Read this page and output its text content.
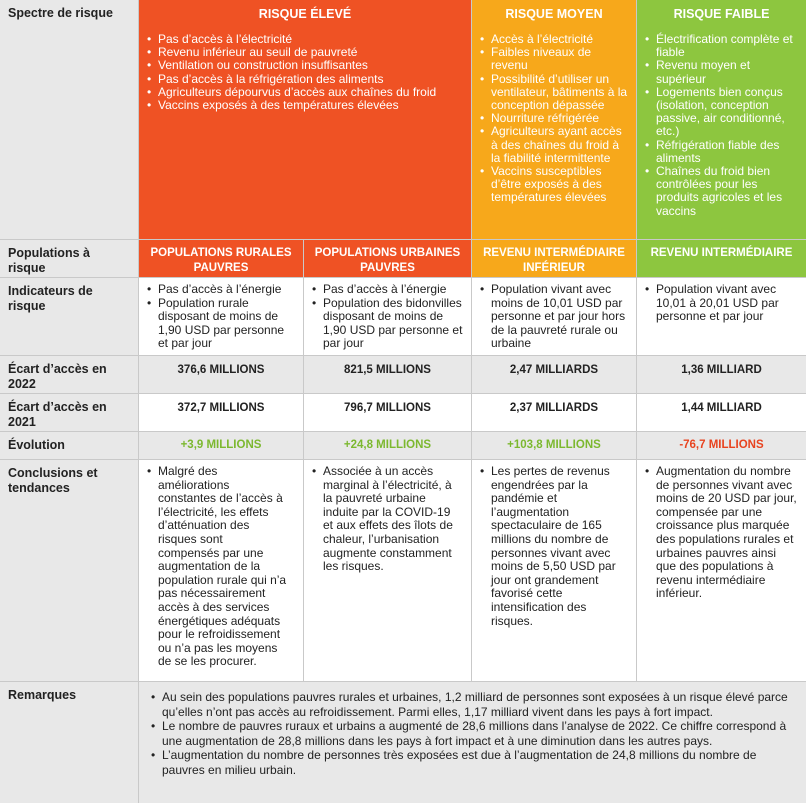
Spectre de risque	RISQUE ÉLEVÉ
• Pas d’accès à l’électricité
• Revenu inférieur au seuil de pauvreté
• Ventilation ou construction insuffisantes
• Pas d’accès à la réfrigération des aliments
• Agriculteurs dépourvus d’accès aux chaînes du froid
• Vaccins exposés à des températures élevées
RISQUE MOYEN
• Accès à l’électricité
• Faibles niveaux de revenu
• Possibilité d’utiliser un ventilateur, bâtiments à la conception dépassée
• Nourriture réfrigérée
• Agriculteurs ayant accès à des chaînes du froid à la fiabilité intermittente
• Vaccins susceptibles d’être exposés à des températures élevées
RISQUE FAIBLE
• Électrification complète et fiable
• Revenu moyen et supérieur
• Logements bien conçus (isolation, conception passive, air conditionné, etc.)
• Réfrigération fiable des aliments
• Chaînes du froid bien contrôlées pour les produits agricoles et les vaccins
Populations à risque
POPULATIONS RURALES PAUVRES
POPULATIONS URBAINES PAUVRES
REVENU INTERMÉDIAIRE INFÉRIEUR
REVENU INTERMÉDIAIRE
Indicateurs de risque
• Pas d’accès à l’énergie
• Population rurale disposant de moins de 1,90 USD par personne et par jour
• Pas d’accès à l’énergie
• Population des bidonvilles disposant de moins de 1,90 USD par personne et par jour
• Population vivant avec moins de 10,01 USD par personne et par jour hors de la pauvreté rurale ou urbaine
• Population vivant avec 10,01 à 20,01 USD par personne et par jour
Écart d’accès en 2022
376,6 MILLIONS	821,5 MILLIONS	2,47 MILLIARDS	1,36 MILLIARD
Écart d’accès en 2021
372,7 MILLIONS	796,7 MILLIONS	2,37 MILLIARDS	1,44 MILLIARD
Évolution	+3,9 MILLIONS	+24,8 MILLIONS	+103,8 MILLIONS	-76,7 MILLIONS
Conclusions et tendances
• Malgré des améliorations constantes de l’accès à l’électricité, les effets d’atténuation des risques sont compensés par une augmentation de la population rurale qui n’a pas nécessairement accès à des services énergétiques adéquats pour le refroidissement ou n’a pas les moyens de se les procurer.
• Associée à un accès marginal à l’électricité, à la pauvreté urbaine induite par la COVID-19 et aux effets des îlots de chaleur, l’urbanisation augmente constamment les risques.
• Les pertes de revenus engendrées par la pandémie et l’augmentation spectaculaire de 165 millions du nombre de personnes vivant avec moins de 5,50 USD par jour ont grandement favorisé cette intensification des risques.
• Augmentation du nombre de personnes vivant avec moins de 20 USD par jour, compensée par une croissance plus marquée des populations rurales et urbaines pauvres ainsi que des populations à revenu intermédiaire inférieur.
Remarques
•	Au sein des populations pauvres rurales et urbaines, 1,2 milliard de personnes sont exposées à un risque élevé parce qu’elles n’ont pas accès au refroidissement. Parmi elles, 1,17 milliard vivent dans les pays à fort impact.
• Le nombre de pauvres ruraux et urbains a augmenté de 28,6 millions dans l’analyse de 2022. Ce chiffre correspond à une augmentation de 28,8 millions dans les pays à fort impact et à une diminution dans les autres pays.
• L’augmentation du nombre de personnes très exposées est due à l’augmentation de 24,8 millions du nombre de pauvres en milieu urbain.
